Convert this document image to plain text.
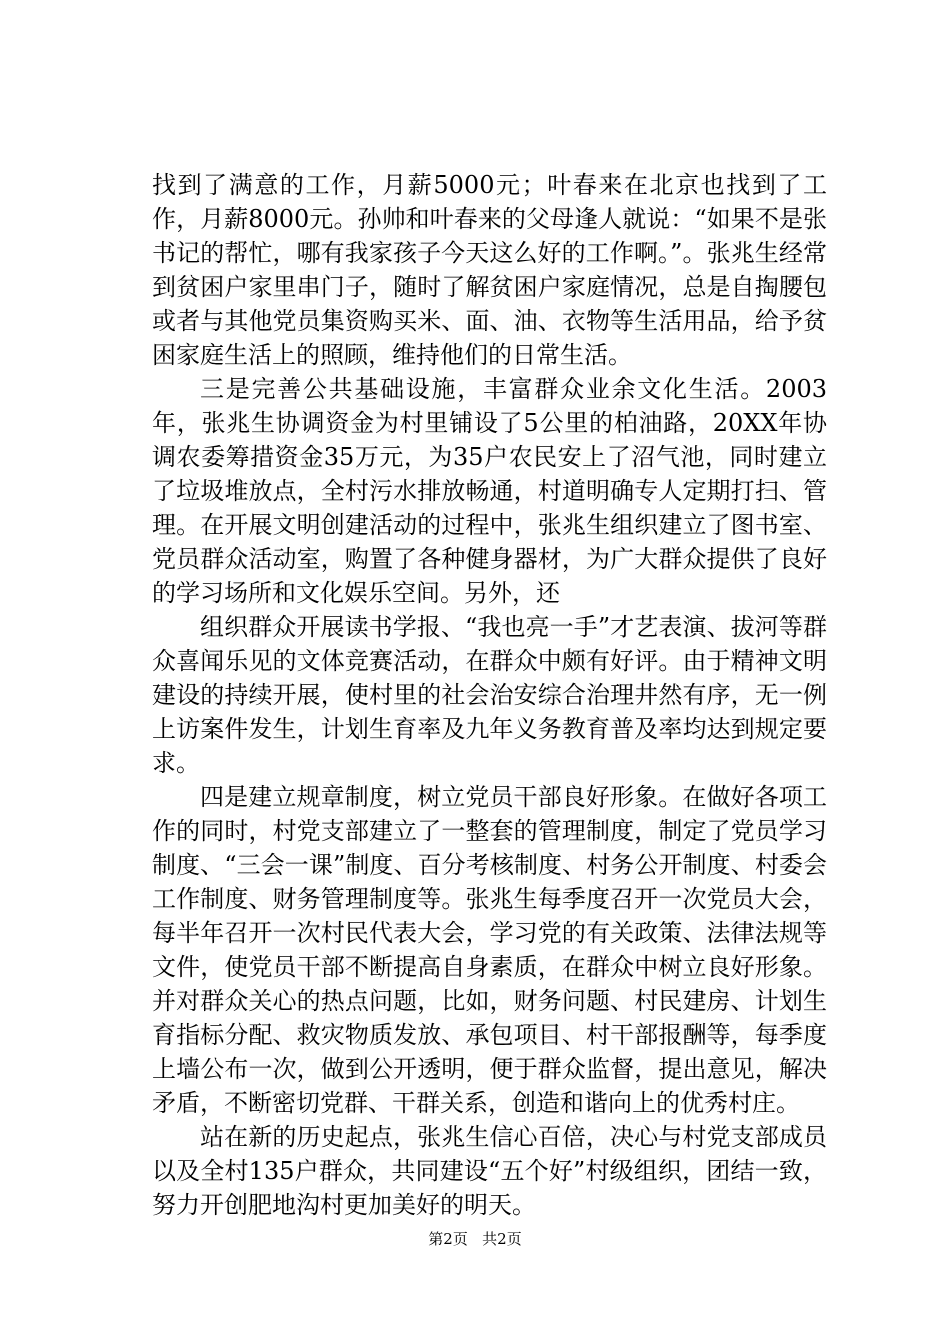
找到了满意的工作，月薪5000元；叶春来在北京也找到了工作，月薪8000元。孙帅和叶春来的父母逢人就说：“如果不是张书记的帮忙，哪有我家孩子今天这么好的工作啊。”。张兆生经常到贫困户家里串门子，随时了解贫困户家庭情况，总是自掏腰包或者与其他党员集资购买米、面、油、衣物等生活用品，给予贫困家庭生活上的照顾，维持他们的日常生活。

三是完善公共基础设施，丰富群众业余文化生活。2003年，张兆生协调资金为村里铺设了5公里的柏油路，20XX年协调农委筹措资金35万元，为35户农民安上了沼气池，同时建立了垃圾堆放点，全村污水排放畅通，村道明确专人定期打扫、管理。在开展文明创建活动的过程中，张兆生组织建立了图书室、党员群众活动室，购置了各种健身器材，为广大群众提供了良好的学习场所和文化娱乐空间。另外，还

组织群众开展读书学报、“我也亮一手”才艺表演、拔河等群众喜闻乐见的文体竞赛活动，在群众中颇有好评。由于精神文明建设的持续开展，使村里的社会治安综合治理井然有序，无一例上访案件发生，计划生育率及九年义务教育普及率均达到规定要求。

四是建立规章制度，树立党员干部良好形象。在做好各项工作的同时，村党支部建立了一整套的管理制度，制定了党员学习制度、“三会一课”制度、百分考核制度、村务公开制度、村委会工作制度、财务管理制度等。张兆生每季度召开一次党员大会，每半年召开一次村民代表大会，学习党的有关政策、法律法规等文件，使党员干部不断提高自身素质，在群众中树立良好形象。并对群众关心的热点问题，比如，财务问题、村民建房、计划生育指标分配、救灾物质发放、承包项目、村干部报酬等，每季度上墙公布一次，做到公开透明，便于群众监督，提出意见，解决矛盾，不断密切党群、干群关系，创造和谐向上的优秀村庄。

站在新的历史起点，张兆生信心百倍，决心与村党支部成员以及全村135户群众，共同建设“五个好”村级组织，团结一致，努力开创肥地沟村更加美好的明天。

第2页 共2页
